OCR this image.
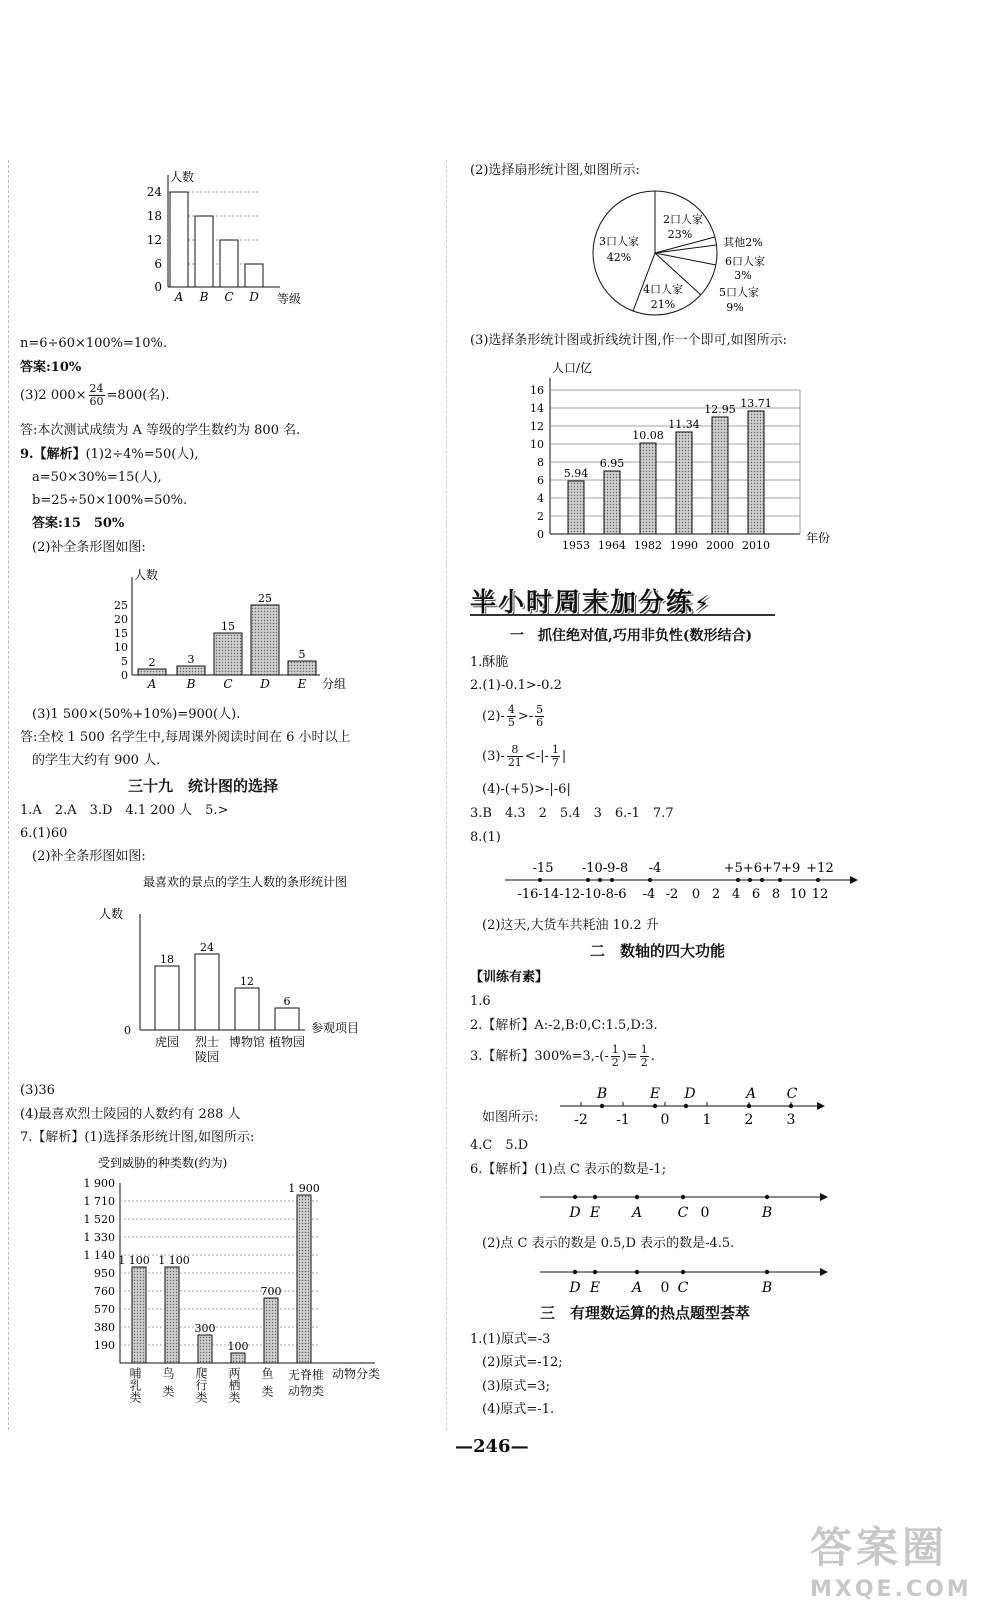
人数
0
6
12
18
24
A B C D 等级
n=6÷60×100%=10%.
答案:10%
(3)2 $000\times \frac{24}{60} =800$(名).
答:本次测试成绩为 A 等级的学生数约为 800 名.
9.【解析】(1)2÷4%=50(人),
a=50×30%=15(人),
b=25÷50×100%=50%.
答案:15　50%
(2)补全条形图如图:
人数
0
5
10
15
20
25
2	3
15
25
5
A	B C D E 分组
(3)1 500×(50%+10%)=900(人).
答:全校 1 500 名学生中,每周课外阅读时间在 6 小时以上
的学生大约有 900 人.
三十九　统计图的选择
1.A　2.A　3.D　4.1 200 人　5.>
6.(1)60
(2)补全条形图如图:
最喜欢的景点的学生人数的条形统计图
人数
0
18
24
12
6
虎园 烈士
陵园
博物馆 植物园
参观项目
(3)36
(4)最喜欢烈士陵园的人数约有 288 人
7.【解析】(1)选择条形统计图,如图所示:
受到威胁的种类数(约为)
190
380
570
760
950
1 140
1 330
1 520
1 710
1 900
1 100 1 100
300
100
700
1 900
哺乳类 鸟类 爬行类 两栖类 鱼类 无脊椎动物类
动物分类
(2)选择扇形统计图,如图所示:
2口人家
23%
3口人家
42%
4口人家
21%
其他2%
6口人家
3%
5口人家
9%
(3)选择条形统计图或折线统计图,作一个即可,如图所示:
人口/亿
0
2
4
6
8
10
12
14
16
5.94
6.95
10.08
11.34
12.95 13.71
1953 1964 1982 1990 2000 2010
年份
半小时周末加分练⚡
一　抓住绝对值,巧用非负性(数形结合)
1.酥脆
2.(1)-0.1>-0.2
$(2)- \frac{4}{5} >- \frac{5}{6}$
$(3)- \frac{8}{21}$ <-|- $\frac{1}{7}$ |
(4)-(+5)>-|-6|
3.B　4.3　2　5.4　3　6.-1　7.7
8.(1)
-15 -10-9-8 -4	+5+6+7+9 +12
-16-14-12-10-8-6 -4 -2 0 2 4 6 8 10 12
(2)这天,大货车共耗油 10.2 升
二　数轴的四大功能
【训练有素】
1.6
2.【解析】A:-2,B:0,C:1.5,D:3.
3.【解析】$300\%=3,-(- \frac{1}{2}$ )= $\frac{1}{2}$ .
如图所示:
B	E D	A C
-2 -1 0 1 2 3
4.C　5.D
6.【解析】(1)点 C 表示的数是-1;
D E A	C 0	B
(2)点 C 表示的数是 0.5,D 表示的数是-4.5.
D E A 0 C	B
三　有理数运算的热点题型荟萃
1.(1)原式=-3
(2)原式=-12;
(3)原式=3;
(4)原式=-1.
—246—
答案圈
MXQE.COM
